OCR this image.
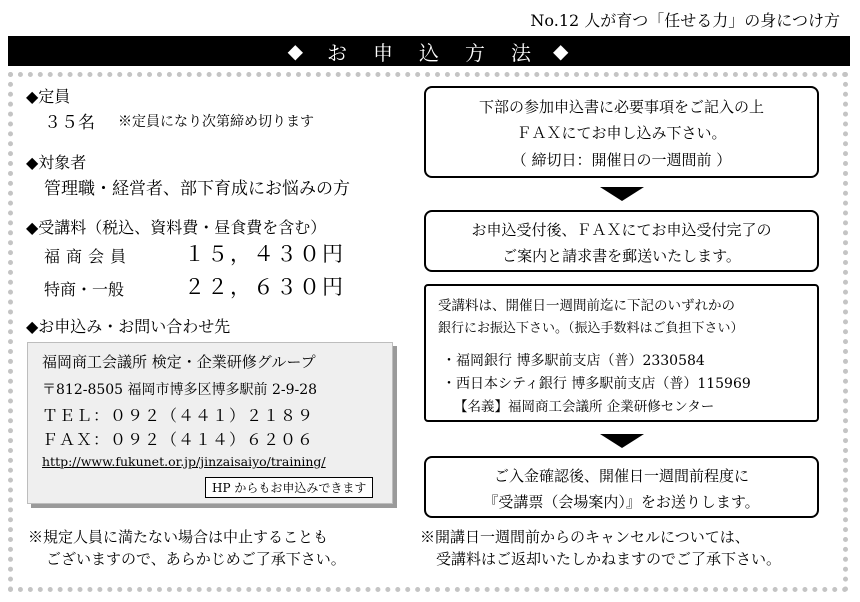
No.12 人が育つ「任せる力」の身につけ方
◆ お申込方法
◆
◆定員
３５名 ※定員になり次第締め切ります
◆対象者
管理職・経営者、部下育成にお悩みの方
◆受講料（税込、資料費・昼食費を含む）
福商会員 １５，４３０円
特商・一般	２２，６３０円
◆お申込み・お問い合わせ先
福岡商工会議所 検定・企業研修グループ
〒812-8505 福岡市博多区博多駅前 2-9-28
ＴＥＬ：０９２（４４１）２１８９
ＦＡＸ：０９２（４１４）６２０６
http://www.fukunet.or.jp/jinzaisaiyo/training/
HP からもお申込みできます
※規定人員に満たない場合は中止することも
ございますので、あらかじめご了承下さい。
下部の参加申込書に必要事項をご記入の上
ＦＡＸにてお申し込み下さい。
（ 締切日：開催日の一週間前 ）
お申込受付後、ＦＡＸにてお申込受付完了の
ご案内と請求書を郵送いたします。
受講料は、開催日一週間前迄に下記のいずれかの
銀行にお振込下さい。（振込手数料はご負担下さい）
・福岡銀行 博多駅前支店（普）2330584
・西日本シティ銀行 博多駅前支店（普）115969
【名義】福岡商工会議所 企業研修センター
ご入金確認後、開催日一週間前程度に
『受講票（会場案内）』をお送りします。
※開講日一週間前からのキャンセルについては、
受講料はご返却いたしかねますのでご了承下さい。
